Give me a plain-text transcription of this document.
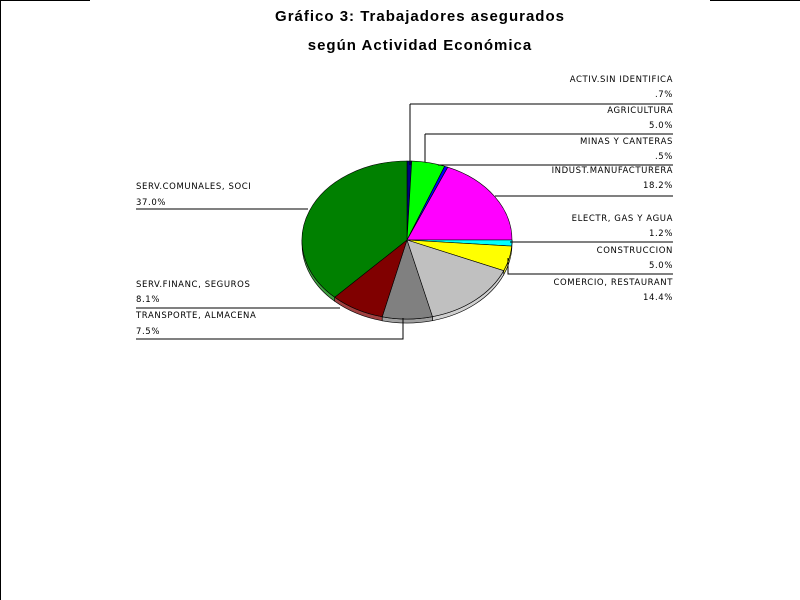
Gráfico 3: Trabajadores asegurados
según Actividad Económica
ACTIV.SIN IDENTIFICA
.7%
AGRICULTURA
5.0%
MINAS Y CANTERAS
.5%
INDUST.MANUFACTURERA
18.2%
ELECTR, GAS Y AGUA
1.2%
CONSTRUCCION
5.0%
COMERCIO, RESTAURANT
14.4%
TRANSPORTE, ALMACENA
7.5%
SERV.FINANC, SEGUROS
8.1%
SERV.COMUNALES, SOCI
37.0%
